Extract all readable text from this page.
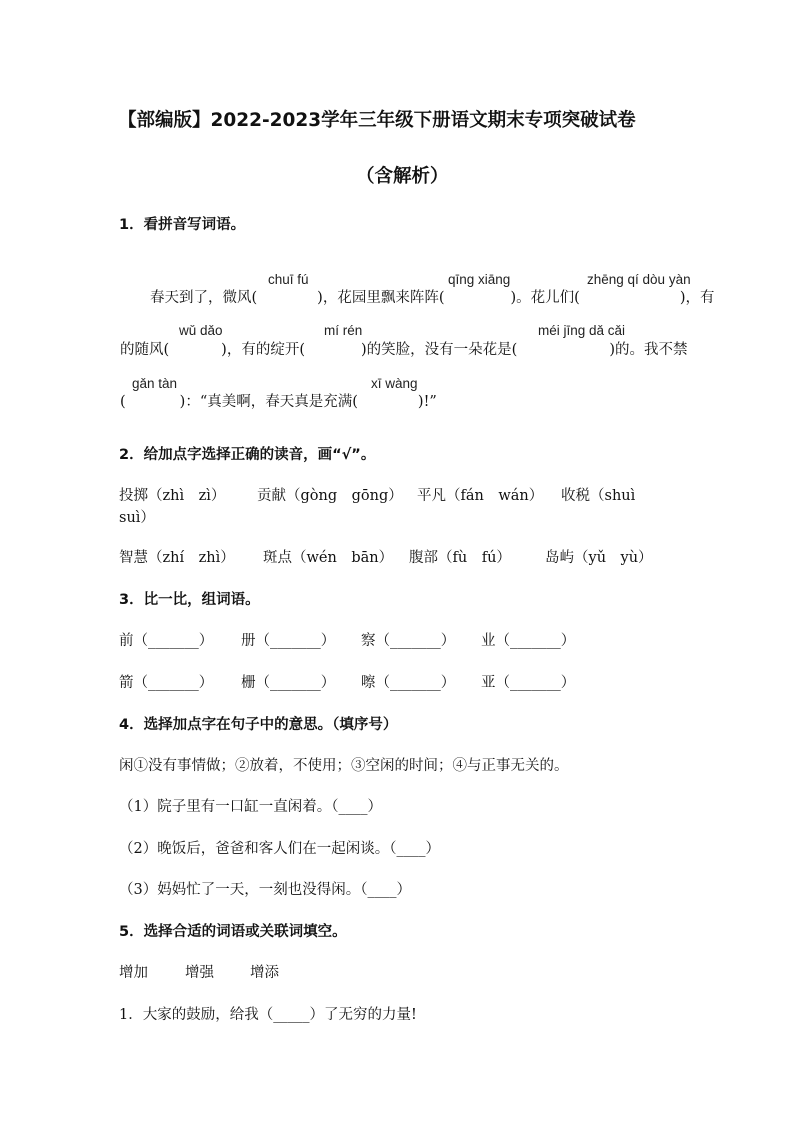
【部编版】2022-2023学年三年级下册语文期末专项突破试卷
（含解析）
1．看拼音写词语。
chuī fú	qīng xiāng	zhēng qí dòu yàn
春天到了，微风(	)，花园里飘来阵阵(	)。花儿们(	)，有
wǔ dǎo	mí rén	méi jīng dǎ cǎi
的随风(	)，有的绽开(	)的笑脸，没有一朵花是(	)的。我不禁
gǎn tàn	xī wàng
(	)：“真美啊，春天真是充满(	)!”
2．给加点字选择正确的读音，画“√”。
投掷（zhì　zì） 贡献（gòng　gōng） 平凡（fán　wán） 收税（shuì
suì）
智慧（zhí　zhì） 斑点（wén　bān） 腹部（fù　fú） 岛屿（yǔ　yù）
3．比一比，组词语。
前（_______） 册（_______） 察（_______） 业（_______）
箭（_______） 栅（_______） 嚓（_______） 亚（_______）
4．选择加点字在句子中的意思。（填序号）
闲①没有事情做；②放着，不使用；③空闲的时间；④与正事无关的。
（1）院子里有一口缸一直闲着。（____）
（2）晚饭后，爸爸和客人们在一起闲谈。（____）
（3）妈妈忙了一天，一刻也没得闲。（____）
5．选择合适的词语或关联词填空。
增加	增强 增添
1．大家的鼓励，给我（_____）了无穷的力量!
